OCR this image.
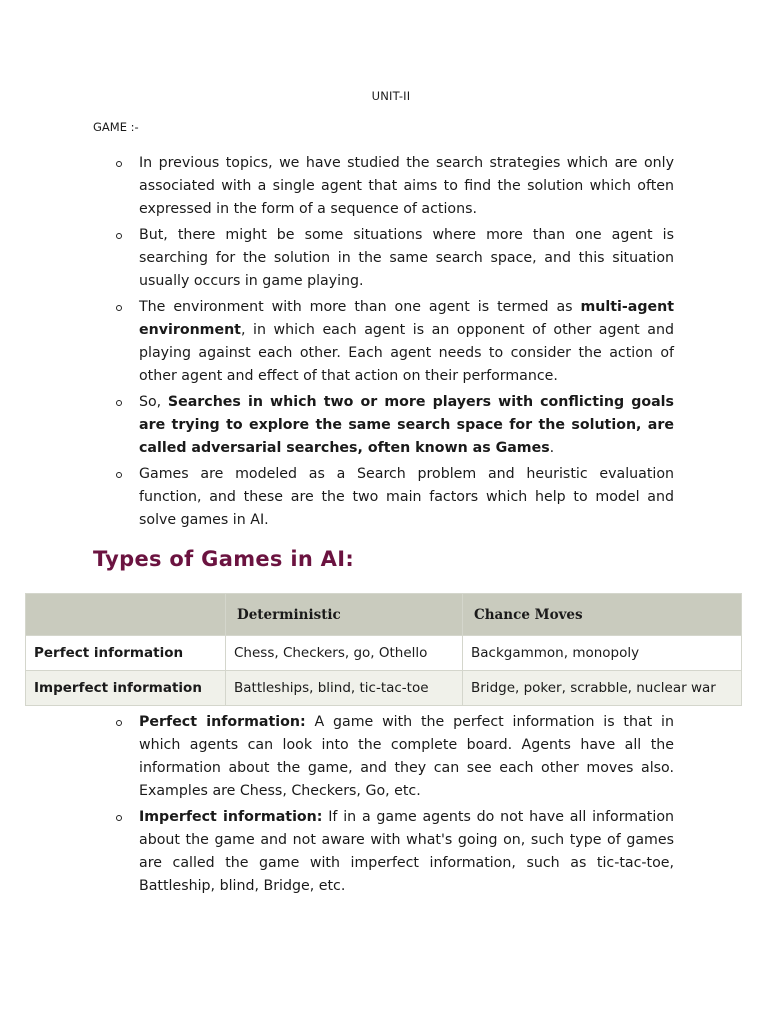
UNIT-II
GAME :-
In previous topics, we have studied the search strategies which are only associated with a single agent that aims to find the solution which often expressed in the form of a sequence of actions.
But, there might be some situations where more than one agent is searching for the solution in the same search space, and this situation usually occurs in game playing.
The environment with more than one agent is termed as multi-agent environment, in which each agent is an opponent of other agent and playing against each other. Each agent needs to consider the action of other agent and effect of that action on their performance.
So, Searches in which two or more players with conflicting goals are trying to explore the same search space for the solution, are called adversarial searches, often known as Games.
Games are modeled as a Search problem and heuristic evaluation function, and these are the two main factors which help to model and solve games in AI.
Types of Games in AI:
	Deterministic	Chance Moves
Perfect information	Chess, Checkers, go, Othello	Backgammon, monopoly
Imperfect information	Battleships, blind, tic-tac-toe	Bridge, poker, scrabble, nuclear war
Perfect information: A game with the perfect information is that in which agents can look into the complete board. Agents have all the information about the game, and they can see each other moves also. Examples are Chess, Checkers, Go, etc.
Imperfect information: If in a game agents do not have all information about the game and not aware with what's going on, such type of games are called the game with imperfect information, such as tic-tac-toe, Battleship, blind, Bridge, etc.
